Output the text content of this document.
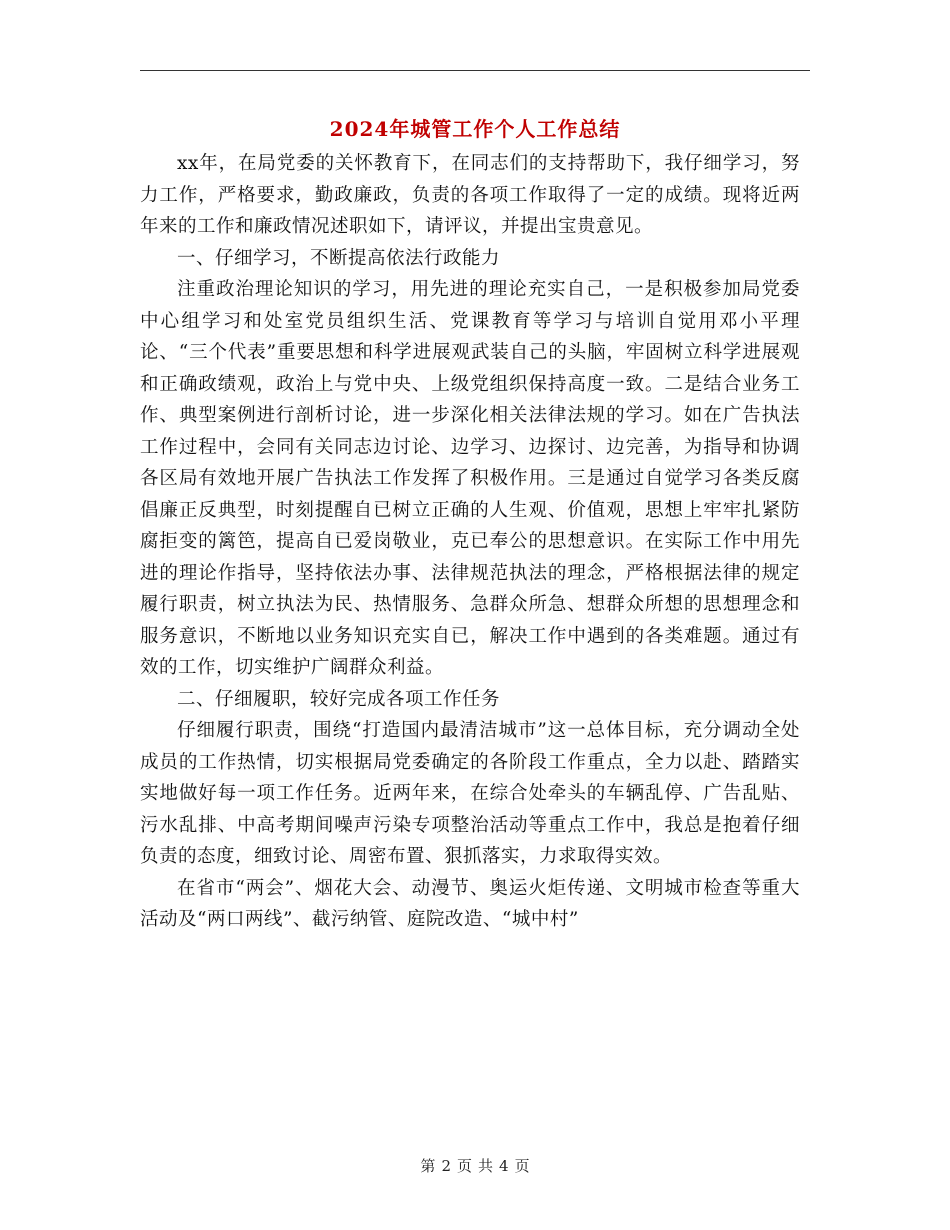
2024年城管工作个人工作总结

xx年，在局党委的关怀教育下，在同志们的支持帮助下，我仔细学习，努力工作，严格要求，勤政廉政，负责的各项工作取得了一定的成绩。现将近两年来的工作和廉政情况述职如下，请评议，并提出宝贵意见。

一、仔细学习，不断提高依法行政能力

注重政治理论知识的学习，用先进的理论充实自己，一是积极参加局党委中心组学习和处室党员组织生活、党课教育等学习与培训自觉用邓小平理论、“三个代表”重要思想和科学进展观武装自己的头脑，牢固树立科学进展观和正确政绩观，政治上与党中央、上级党组织保持高度一致。二是结合业务工作、典型案例进行剖析讨论，进一步深化相关法律法规的学习。如在广告执法工作过程中，会同有关同志边讨论、边学习、边探讨、边完善，为指导和协调各区局有效地开展广告执法工作发挥了积极作用。三是通过自觉学习各类反腐倡廉正反典型，时刻提醒自已树立正确的人生观、价值观，思想上牢牢扎紧防腐拒变的篱笆，提高自已爱岗敬业，克已奉公的思想意识。在实际工作中用先进的理论作指导，坚持依法办事、法律规范执法的理念，严格根据法律的规定履行职责，树立执法为民、热情服务、急群众所急、想群众所想的思想理念和服务意识，不断地以业务知识充实自已，解决工作中遇到的各类难题。通过有效的工作，切实维护广阔群众利益。

二、仔细履职，较好完成各项工作任务

仔细履行职责，围绕“打造国内最清洁城市”这一总体目标，充分调动全处成员的工作热情，切实根据局党委确定的各阶段工作重点，全力以赴、踏踏实实地做好每一项工作任务。近两年来，在综合处牵头的车辆乱停、广告乱贴、污水乱排、中高考期间噪声污染专项整治活动等重点工作中，我总是抱着仔细负责的态度，细致讨论、周密布置、狠抓落实，力求取得实效。

在省市“两会”、烟花大会、动漫节、奥运火炬传递、文明城市检查等重大活动及“两口两线”、截污纳管、庭院改造、“城中村”

第 2 页 共 4 页
